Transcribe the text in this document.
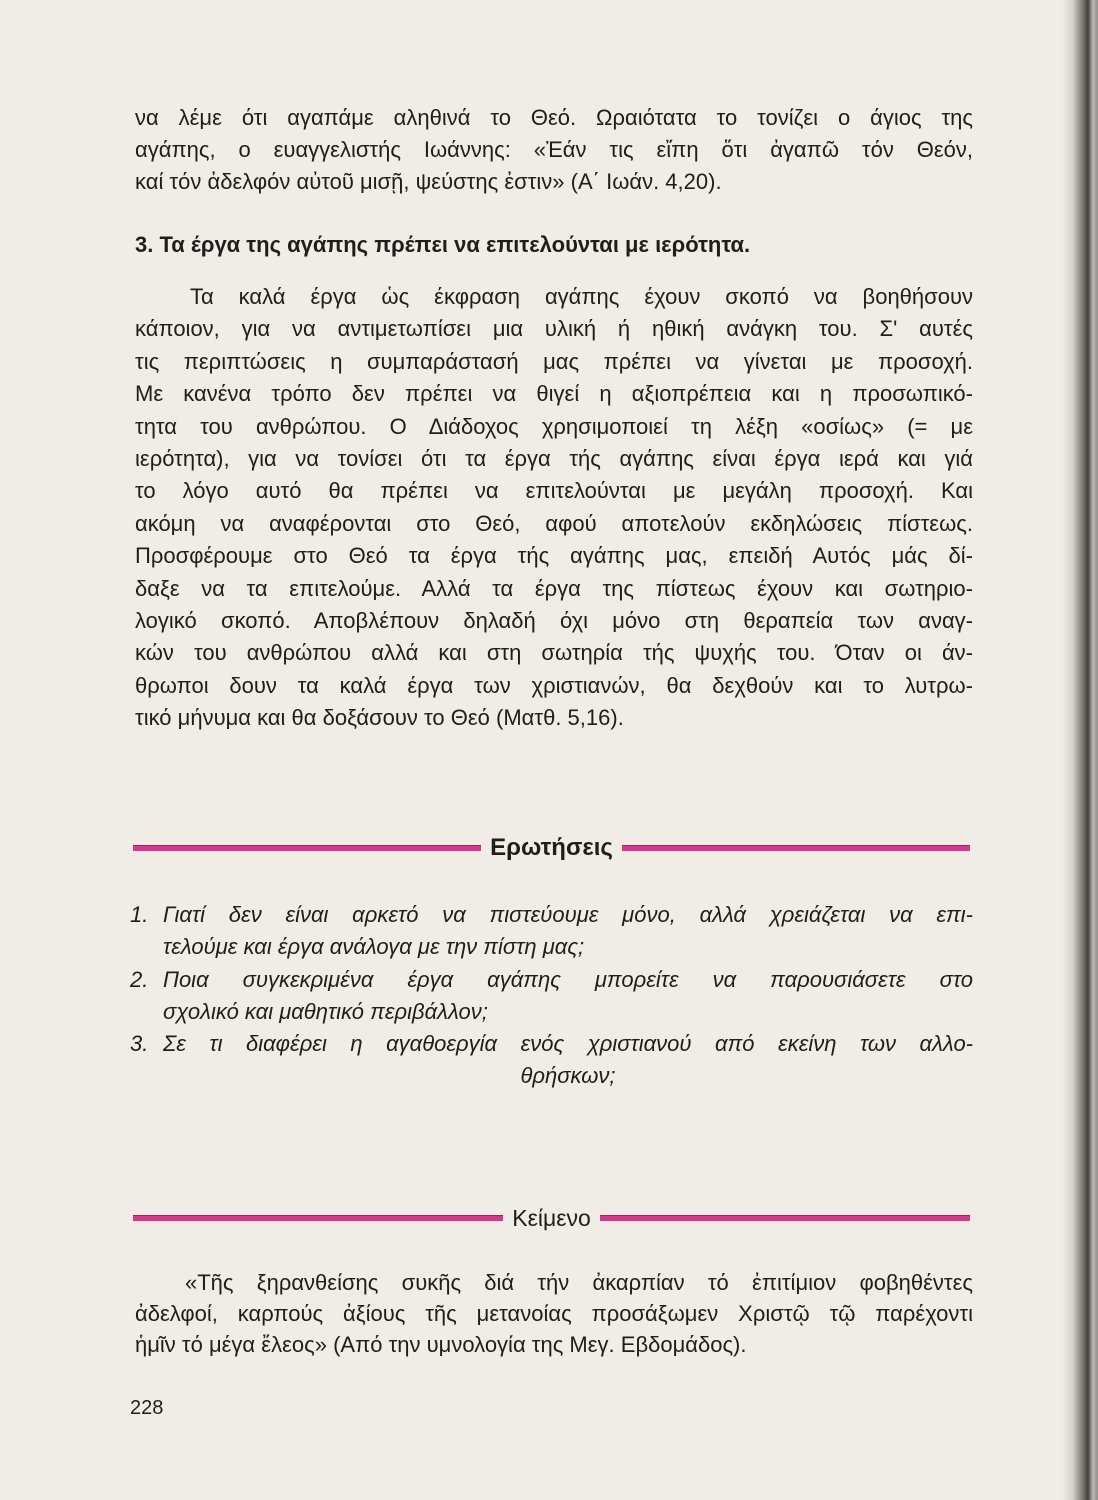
να λέμε ότι αγαπάμε αληθινά το Θεό. Ωραιότατα το τονίζει ο άγιος της
αγάπης, ο ευαγγελιστής Ιωάννης: «Ἐάν τις εἴπη ὅτι ἀγαπῶ τόν Θεόν,
καί τόν ἀδελφόν αὐτοῦ μισῇ, ψεύστης ἐστιν» (Α΄ Ιωάν. 4,20).
3. Τα έργα της αγάπης πρέπει να επιτελούνται με ιερότητα.
Τα καλά έργα ὡς έκφραση αγάπης έχουν σκοπό να βοηθήσουν
κάποιον, για να αντιμετωπίσει μια υλική ή ηθική ανάγκη του. Σ' αυτές
τις περιπτώσεις η συμπαράστασή μας πρέπει να γίνεται με προσοχή.
Με κανένα τρόπο δεν πρέπει να θιγεί η αξιοπρέπεια και η προσωπικό-
τητα του ανθρώπου. Ο Διάδοχος χρησιμοποιεί τη λέξη «οσίως» (= με
ιερότητα), για να τονίσει ότι τα έργα τής αγάπης είναι έργα ιερά και γιά
το λόγο αυτό θα πρέπει να επιτελούνται με μεγάλη προσοχή. Και
ακόμη να αναφέρονται στο Θεό, αφού αποτελούν εκδηλώσεις πίστεως.
Προσφέρουμε στο Θεό τα έργα τής αγάπης μας, επειδή Αυτός μάς δί-
δαξε να τα επιτελούμε. Αλλά τα έργα της πίστεως έχουν και σωτηριο-
λογικό σκοπό. Αποβλέπουν δηλαδή όχι μόνο στη θεραπεία των αναγ-
κών του ανθρώπου αλλά και στη σωτηρία τής ψυχής του. Όταν οι άν-
θρωποι δουν τα καλά έργα των χριστιανών, θα δεχθούν και το λυτρω-
τικό μήνυμα και θα δοξάσουν το Θεό (Ματθ. 5,16).
Ερωτήσεις
1. Γιατί δεν είναι αρκετό να πιστεύουμε μόνο, αλλά χρειάζεται να επι-
τελούμε και έργα ανάλογα με την πίστη μας;
2. Ποια συγκεκριμένα έργα αγάπης μπορείτε να παρουσιάσετε στο
σχολικό και μαθητικό περιβάλλον;
3. Σε τι διαφέρει η αγαθοεργία ενός χριστιανού από εκείνη των αλλο-
θρήσκων;
Κείμενο
«Τῆς ξηρανθείσης συκῆς διά τήν ἀκαρπίαν τό ἐπιτίμιον φοβηθέντες
ἀδελφοί, καρπούς ἀξίους τῆς μετανοίας προσάξωμεν Χριστῷ τῷ παρέχοντι
ἡμῖν τό μέγα ἔλεος» (Από την υμνολογία της Μεγ. Εβδομάδος).
228
